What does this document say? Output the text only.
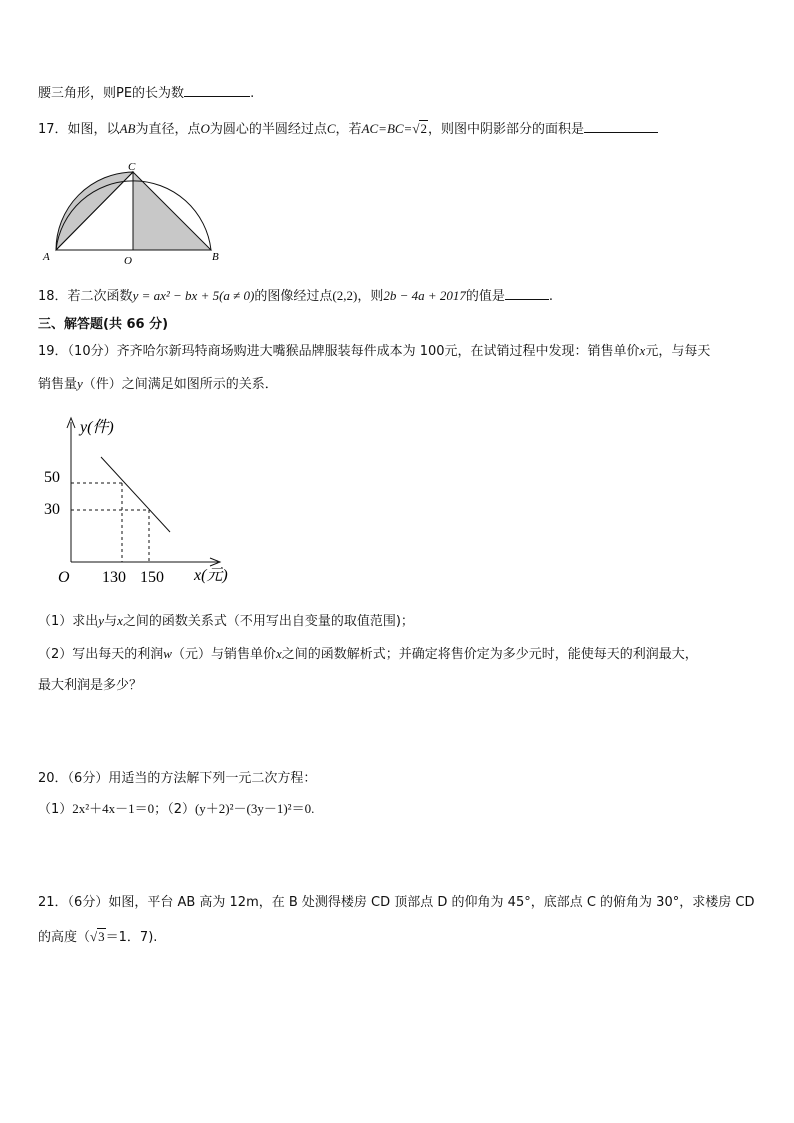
腰三角形，则PE的长为数	.
17．如图，以AB为直径，点O为圆心的半圆经过点C，若AC=BC=√2，则图中阴影部分的面积是
A	B
C
O
18．若二次函数y = ax² − bx + 5(a ≠ 0)的图像经过点(2,2)，则2b − 4a + 2017的值是	.
三、解答题(共 66 分)
19．（10分）齐齐哈尔新玛特商场购进大嘴猴品牌服装每件成本为 100元，在试销过程中发现：销售单价x元，与每天
销售量y（件）之间满足如图所示的关系．
y(件)
50
30
O 130 150 x(元)
（1）求出y与x之间的函数关系式（不用写出自变量的取值范围)；
（2）写出每天的利润w（元）与销售单价x之间的函数解析式；并确定将售价定为多少元时，能使每天的利润最大，
最大利润是多少？
20．（6分）用适当的方法解下列一元二次方程：
（1）2x²＋4x－1＝0；（2）(y＋2)²－(3y－1)²＝0.
21．（6分）如图，平台 AB 高为 12m，在 B 处测得楼房 CD 顶部点 D 的仰角为 45°，底部点 C 的俯角为 30°，求楼房 CD
的高度（√3＝1．7).
